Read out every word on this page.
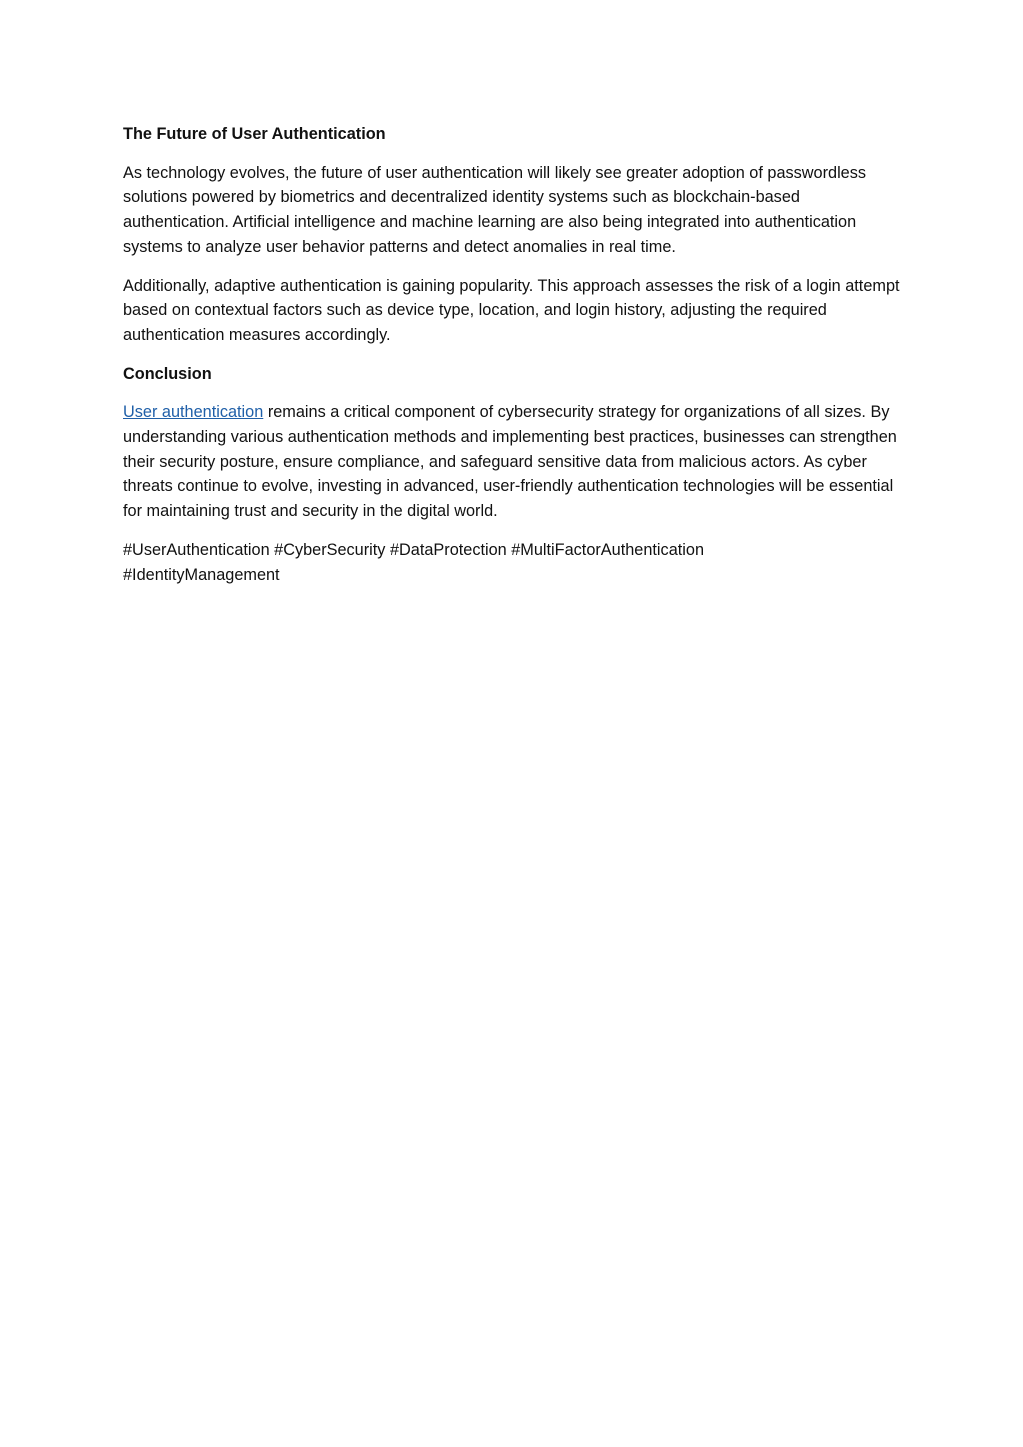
The Future of User Authentication

As technology evolves, the future of user authentication will likely see greater adoption of passwordless solutions powered by biometrics and decentralized identity systems such as blockchain-based authentication. Artificial intelligence and machine learning are also being integrated into authentication systems to analyze user behavior patterns and detect anomalies in real time.

Additionally, adaptive authentication is gaining popularity. This approach assesses the risk of a login attempt based on contextual factors such as device type, location, and login history, adjusting the required authentication measures accordingly.

Conclusion

User authentication remains a critical component of cybersecurity strategy for organizations of all sizes. By understanding various authentication methods and implementing best practices, businesses can strengthen their security posture, ensure compliance, and safeguard sensitive data from malicious actors. As cyber threats continue to evolve, investing in advanced, user-friendly authentication technologies will be essential for maintaining trust and security in the digital world.

#UserAuthentication #CyberSecurity #DataProtection #MultiFactorAuthentication
#IdentityManagement
